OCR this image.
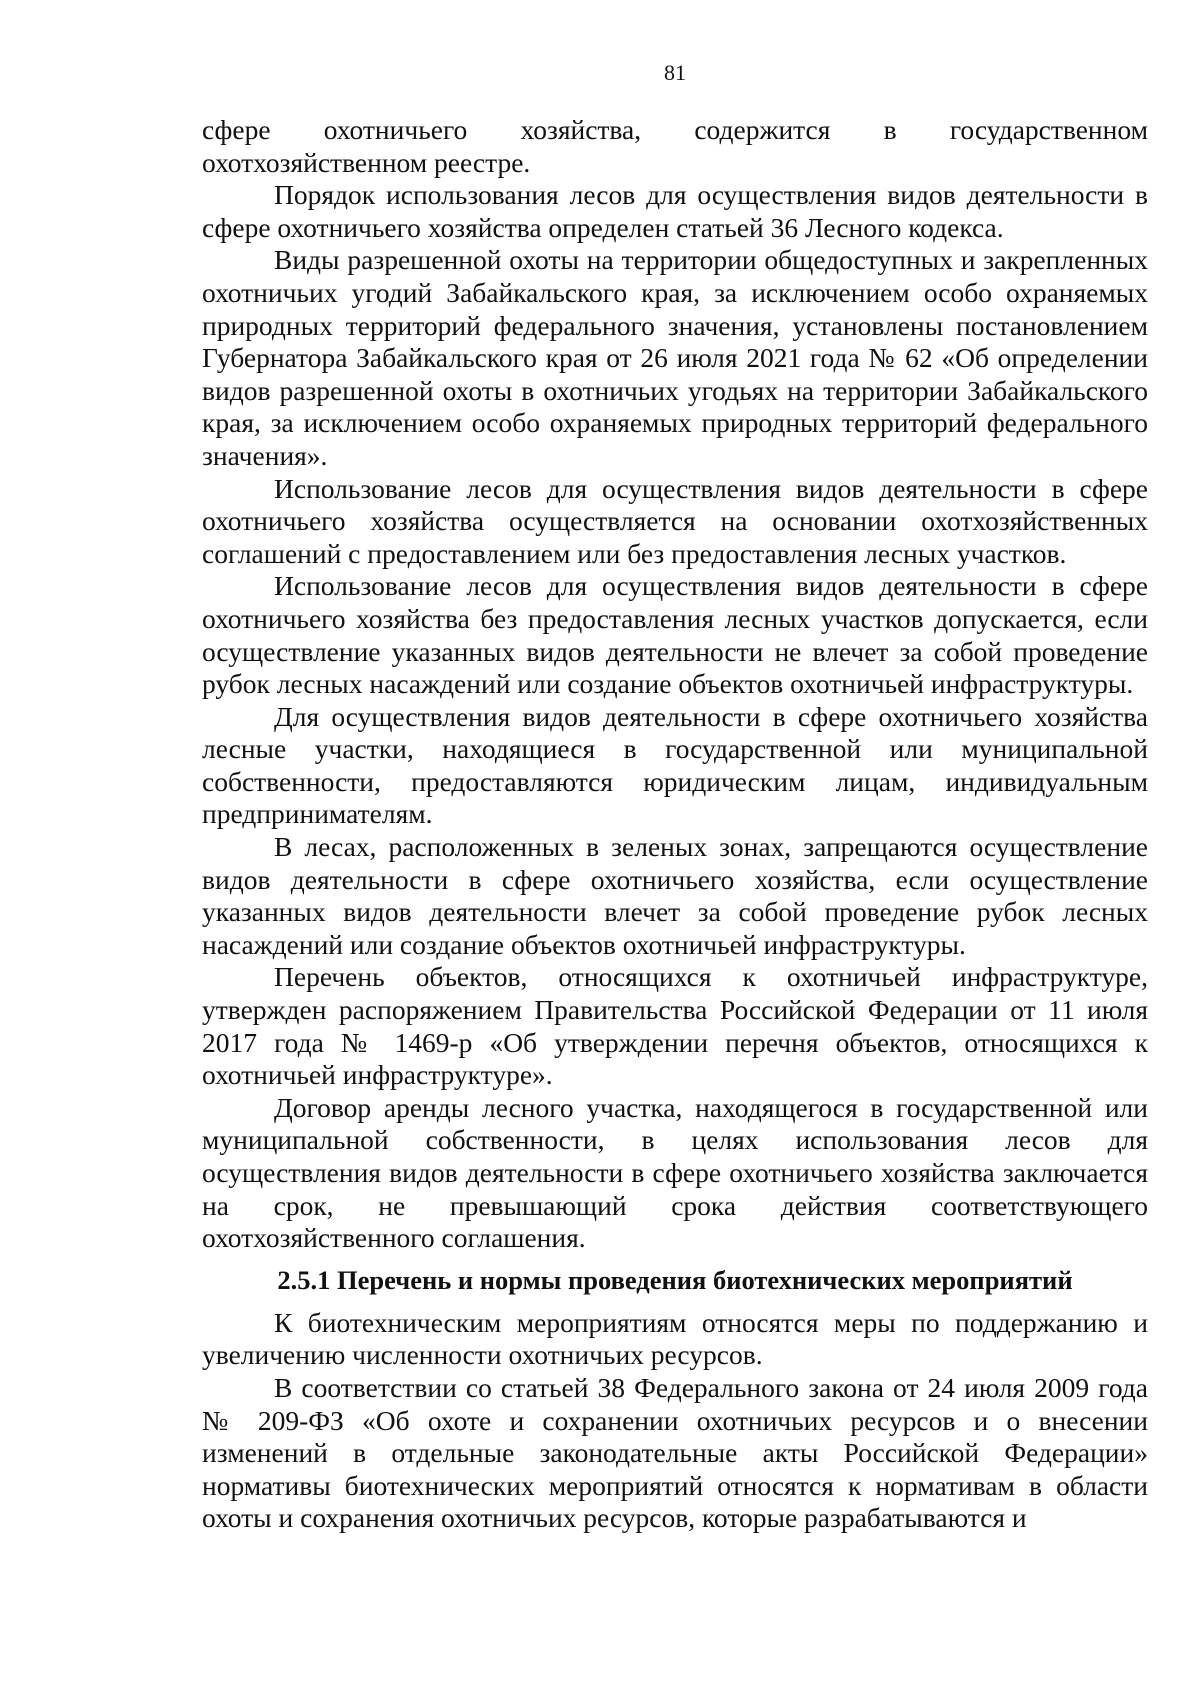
81

сфере охотничьего хозяйства, содержится в государственном охотхозяйственном реестре.

Порядок использования лесов для осуществления видов деятельности в сфере охотничьего хозяйства определен статьей 36 Лесного кодекса.

Виды разрешенной охоты на территории общедоступных и закрепленных охотничьих угодий Забайкальского края, за исключением особо охраняемых природных территорий федерального значения, установлены постановлением Губернатора Забайкальского края от 26 июля 2021 года № 62 «Об определении видов разрешенной охоты в охотничьих угодьях на территории Забайкальского края, за исключением особо охраняемых природных территорий федерального значения».

Использование лесов для осуществления видов деятельности в сфере охотничьего хозяйства осуществляется на основании охотхозяйственных соглашений с предоставлением или без предоставления лесных участков.

Использование лесов для осуществления видов деятельности в сфере охотничьего хозяйства без предоставления лесных участков допускается, если осуществление указанных видов деятельности не влечет за собой проведение рубок лесных насаждений или создание объектов охотничьей инфраструктуры.

Для осуществления видов деятельности в сфере охотничьего хозяйства лесные участки, находящиеся в государственной или муниципальной собственности, предоставляются юридическим лицам, индивидуальным предпринимателям.

В лесах, расположенных в зеленых зонах, запрещаются осуществление видов деятельности в сфере охотничьего хозяйства, если осуществление указанных видов деятельности влечет за собой проведение рубок лесных насаждений или создание объектов охотничьей инфраструктуры.

Перечень объектов, относящихся к охотничьей инфраструктуре, утвержден распоряжением Правительства Российской Федерации от 11 июля 2017 года № 1469-р «Об утверждении перечня объектов, относящихся к охотничьей инфраструктуре».

Договор аренды лесного участка, находящегося в государственной или муниципальной собственности, в целях использования лесов для осуществления видов деятельности в сфере охотничьего хозяйства заключается на срок, не превышающий срока действия соответствующего охотхозяйственного соглашения.

2.5.1 Перечень и нормы проведения биотехнических мероприятий

К биотехническим мероприятиям относятся меры по поддержанию и увеличению численности охотничьих ресурсов.

В соответствии со статьей 38 Федерального закона от 24 июля 2009 года № 209-ФЗ «Об охоте и сохранении охотничьих ресурсов и о внесении изменений в отдельные законодательные акты Российской Федерации» нормативы биотехнических мероприятий относятся к нормативам в области охоты и сохранения охотничьих ресурсов, которые разрабатываются и
